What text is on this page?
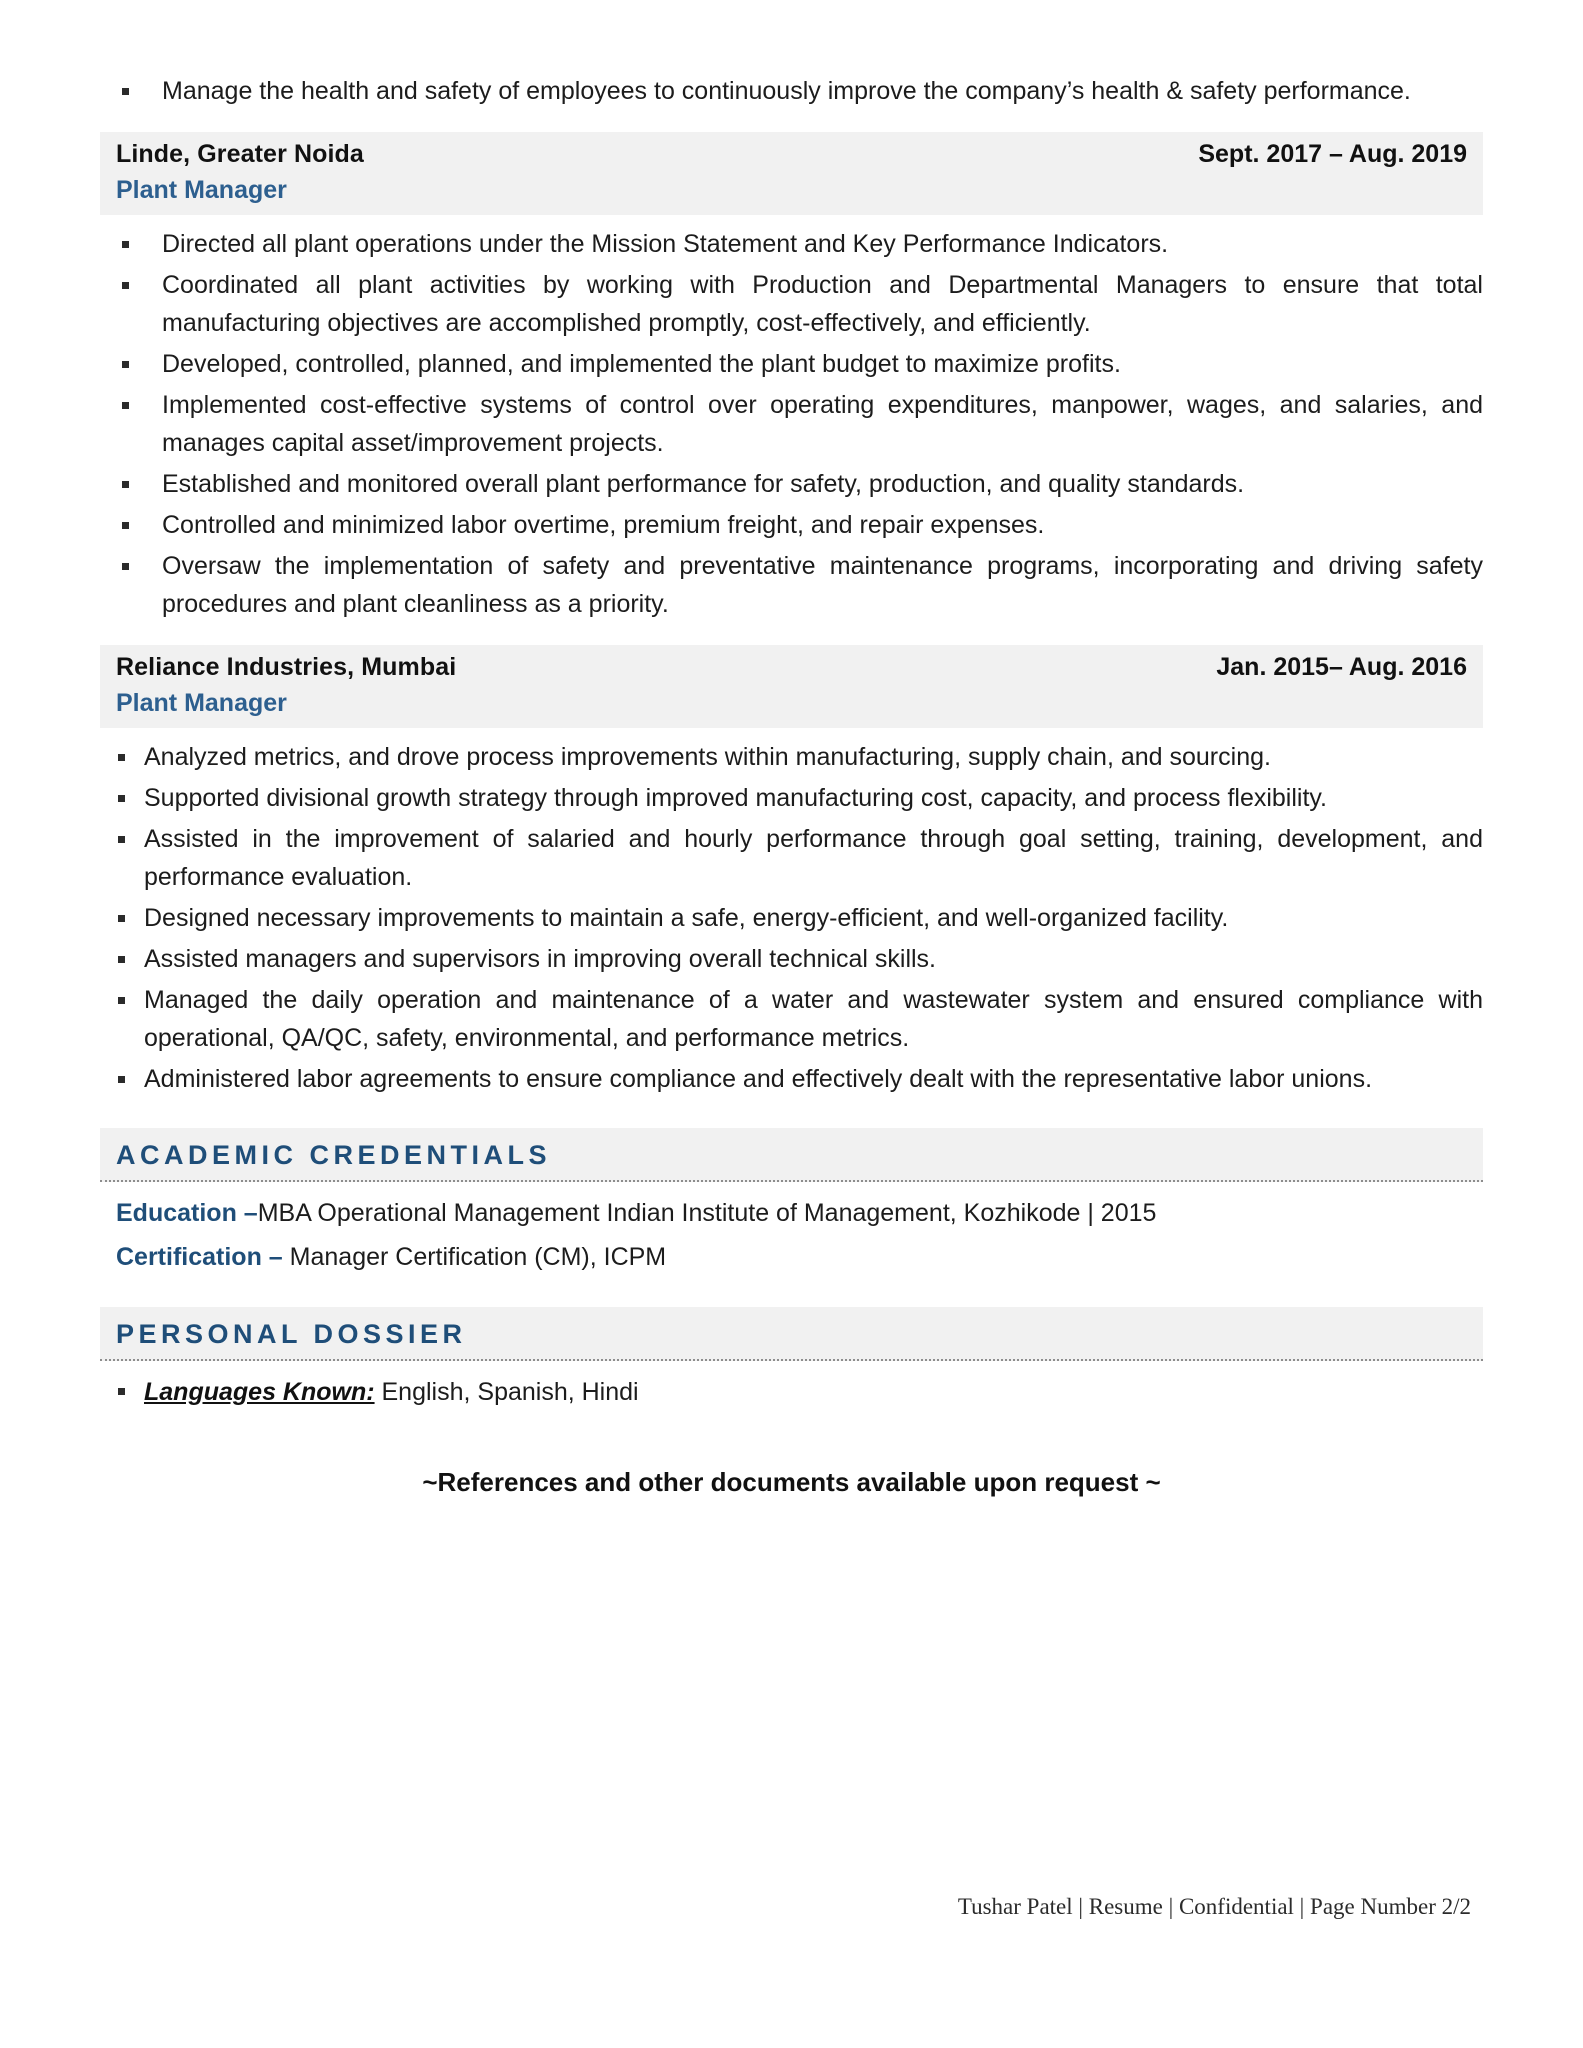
Manage the health and safety of employees to continuously improve the company’s health & safety performance.
Linde, Greater Noida	Sept. 2017 – Aug. 2019
Plant Manager
Directed all plant operations under the Mission Statement and Key Performance Indicators.
Coordinated all plant activities by working with Production and Departmental Managers to ensure that total manufacturing objectives are accomplished promptly, cost-effectively, and efficiently.
Developed, controlled, planned, and implemented the plant budget to maximize profits.
Implemented cost-effective systems of control over operating expenditures, manpower, wages, and salaries, and manages capital asset/improvement projects.
Established and monitored overall plant performance for safety, production, and quality standards.
Controlled and minimized labor overtime, premium freight, and repair expenses.
Oversaw the implementation of safety and preventative maintenance programs, incorporating and driving safety procedures and plant cleanliness as a priority.
Reliance Industries, Mumbai	Jan. 2015– Aug. 2016
Plant Manager
Analyzed metrics, and drove process improvements within manufacturing, supply chain, and sourcing.
Supported divisional growth strategy through improved manufacturing cost, capacity, and process flexibility.
Assisted in the improvement of salaried and hourly performance through goal setting, training, development, and performance evaluation.
Designed necessary improvements to maintain a safe, energy-efficient, and well-organized facility.
Assisted managers and supervisors in improving overall technical skills.
Managed the daily operation and maintenance of a water and wastewater system and ensured compliance with operational, QA/QC, safety, environmental, and performance metrics.
Administered labor agreements to ensure compliance and effectively dealt with the representative labor unions.
ACADEMIC CREDENTIALS

Education –MBA Operational Management Indian Institute of Management, Kozhikode | 2015

Certification – Manager Certification (CM), ICPM

PERSONAL DOSSIER
Languages Known: English, Spanish, Hindi
~References and other documents available upon request ~
Tushar Patel | Resume | Confidential | Page Number 2/2
